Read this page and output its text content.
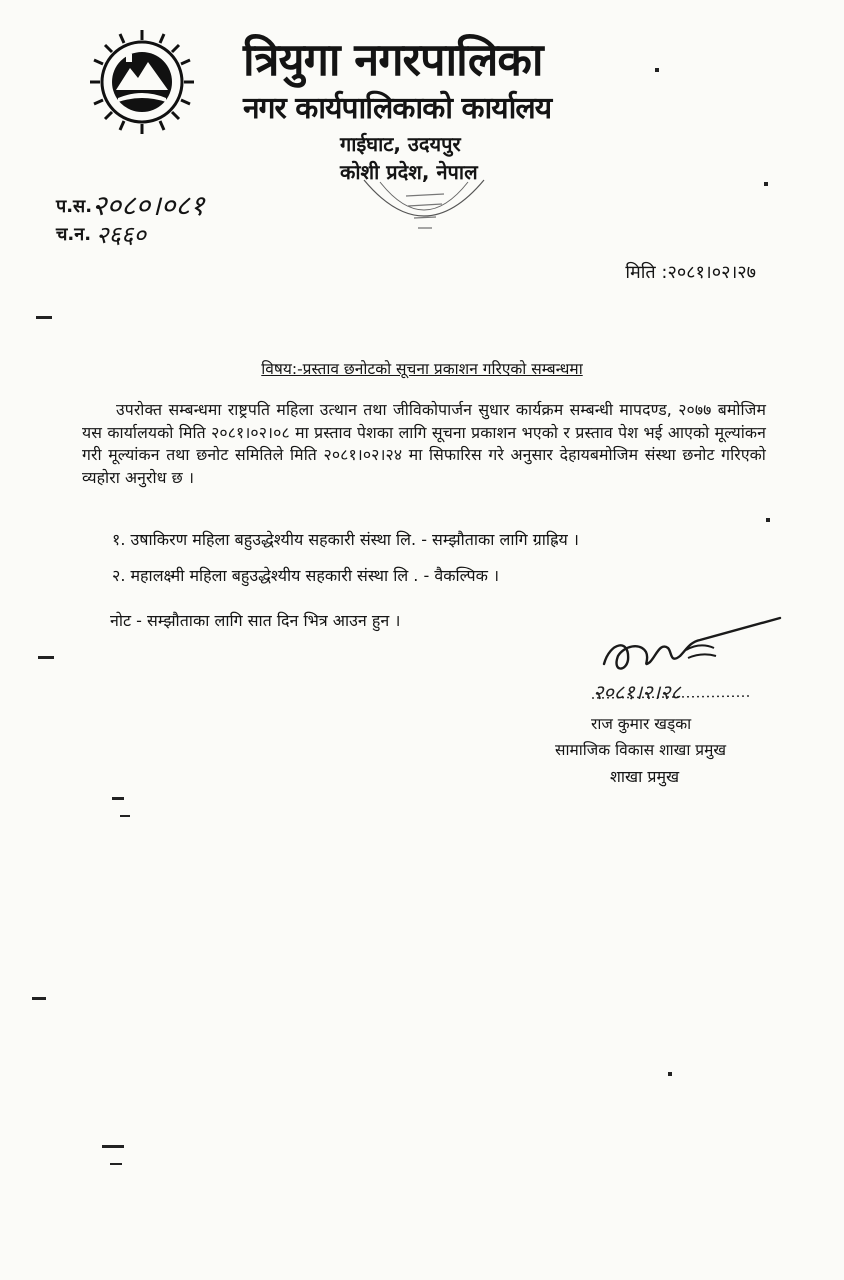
त्रियुगा नगरपालिका
नगर कार्यपालिकाको कार्यालय
गाईघाट, उदयपुर
कोशी प्रदेश, नेपाल
प.स. २०८०।०८१
च.न. २६६०
मिति :२०८१।०२।२७
विषय:-प्रस्ताव छनोटको सूचना प्रकाशन गरिएको सम्बन्धमा
उपरोक्त सम्बन्धमा राष्ट्रपति महिला उत्थान तथा जीविकोपार्जन सुधार कार्यक्रम सम्बन्धी मापदण्ड, २०७७ बमोजिम यस कार्यालयको मिति २०८१।०२।०८ मा प्रस्ताव पेशका लागि सूचना प्रकाशन भएको र प्रस्ताव पेश भई आएको मूल्यांकन गरी मूल्यांकन तथा छनोट समितिले मिति २०८१।०२।२४ मा सिफारिस गरे अनुसार देहायबमोजिम संस्था छनोट गरिएको व्यहोरा अनुरोध छ ।
१. उषाकिरण महिला बहुउद्धेश्यीय सहकारी संस्था लि. - सम्झौताका लागि ग्राह्रिय ।
२. महालक्ष्मी महिला बहुउद्धेश्यीय सहकारी संस्था लि . - वैकल्पिक ।
नोट - सम्झौताका लागि सात दिन भित्र आउन हुन ।
२०८१।२।२८
राज कुमार खड्का
सामाजिक विकास शाखा प्रमुख
शाखा प्रमुख
